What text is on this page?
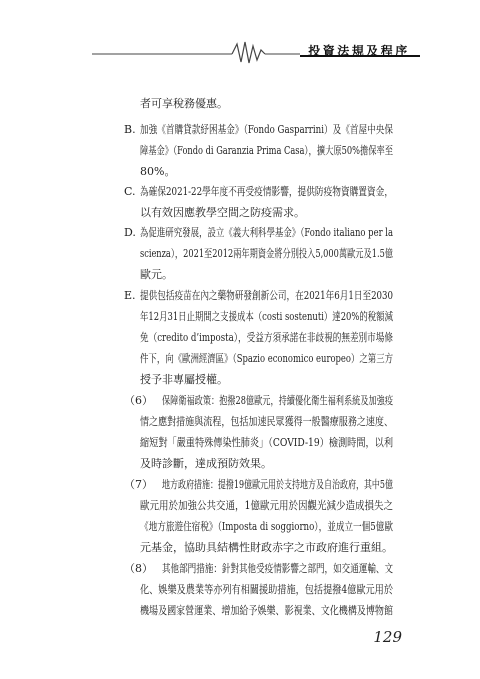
投資法規及程序
者可享稅務優惠。
B. 加強《首購貸款紓困基金》（Fondo Gasparrini）及《首屋中央保
障基金》（Fondo di Garanzia Prima Casa），擴大原50%擔保率至
80%。
C. 為確保2021-22學年度不再受疫情影響，提供防疫物資購置資金，
以有效因應教學空間之防疫需求。
D. 為促進研究發展，設立《義大利科學基金》（Fondo italiano per la
scienza），2021至2012兩年期資金將分別投入5,000萬歐元及1.5億
歐元。
E. 提供包括疫苗在內之藥物研發創新公司，在2021年6月1日至2030
年12月31日止期間之支援成本（costi sostenuti）達20%的稅額減
免（credito d’imposta），受益方須承諾在非歧視的無差別市場條
件下，向《歐洲經濟區》（Spazio economico europeo）之第三方
授予非專屬授權。
（6） 保障衛福政策：抱撥28億歐元，持續優化衛生福利系統及加強疫
情之應對措施與流程，包括加速民眾獲得一般醫療服務之速度、
縮短對「嚴重特殊傳染性肺炎」（COVID-19）檢測時間，以利
及時診斷，達成預防效果。
（7） 地方政府措施：提撥19億歐元用於支持地方及自治政府，其中5億
歐元用於加強公共交通，1億歐元用於因觀光減少造成損失之
《地方旅遊住宿稅》（Imposta di soggiorno），並成立一個5億歐
元基金，協助具結構性財政赤字之市政府進行重組。
（8） 其他部門措施：針對其他受疫情影響之部門，如交通運輸、文
化、娛樂及農業等亦列有相關援助措施，包括提撥4億歐元用於
機場及國家營運業、增加給予娛樂、影視業、文化機構及博物館
129
